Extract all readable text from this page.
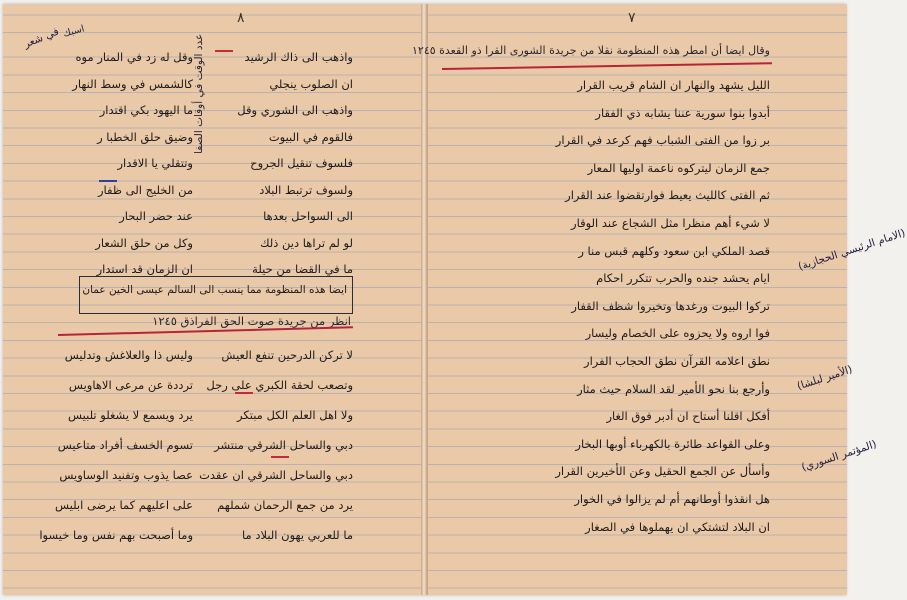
٨
في شعر اسبك
عدد الوقت في أوقات الصفا	واذهب الى ذاك الرشيد
وقل له زد في المنار موه
ان الصلوب ينجلي
كالشمس في وسط النهار
واذهب الى الشوري وقل
ما اليهود بكي اقتدار
فالقوم في البيوت
وضيق حلق الخطبا ر
فلسوف تنقيل الجروح
وتتقلي يا الاقدار
ولسوف ترتبط البلاد
من الخليج الى ظفار
الى السواحل بعدها
عند حضر البحار
لو لم تراها دين ذلك
وكل من حلق الشعار
ما في القضا من حيلة
ان الزمان قد استدار
ايضا هذه المنظومة مما ينسب الى السالم عيسى الخين عمان
انظر من جريدة صوت الحق الفراذق ١٢٤٥
لا تركن الدرحين تنفع العيش
وليس ذا والعلاغش وتدليس
وتصعب لحقة الكبري على رجل
ترددة عن مرعى الاهاويس
ولا اهل العلم الكل مبتكر
يرد ويسمع لا يشغلو تلبيس
دبي والساحل الشرقي منتشر
تسوم الخسف أفراد متاعيس
دبي والساحل الشرقي ان عقدت
عصا يذوب وتفنيد الوساويس
يرد من جمع الرحمان شملهم
على اعليهم كما يرضى ابليس
ما للعربي يهون البلاد ما
وما أصبحت بهم نفس وما خيسوا
٧
وقال ايضا أن امطر هذه المنظومة نقلا من جريدة الشورى القرا ذو القعدة ١٢٤٥
الليل يشهد والنهار ان الشام قريب القرار
أبدوا بنوا سورية عننا يشابه ذي الفقار
بر زوا من الفتى الشباب فهم كرعد في القرار
جمع الزمان ليتركوه ناعمة اوليها المعار
ثم الفتى كالليث يعيط فوارتقضوا عند القرار
لا شيء أهم منظرا مثل الشجاع عند الوقار
قصد الملكي ابن سعود وكلهم قبس منا ر
ايام يحشد جنده والحرب تتكرر احكام
تركوا البيوت ورغدها وتخيروا شظف القفار
فوا اروه ولا يحزوه على الخصام وليسار
نطق اعلامه القرآن نطق الحجاب الفرار
وأرجع بنا نحو الأمير لقد السلام حيث مثار
أفكل اقلنا أستاح ان أدبر فوق الغار
وعلى القواعد طائرة بالكهرباء أوبها البخار
وأسأل عن الجمع الحقيل وعن الأخيرين القرار
هل انقذوا أوطانهم أم لم يزالوا في الخوار
ان البلاد لتشتكي ان يهملوها في الصغار
(الامام الرئيسي الحجازية)
(الأمير لبلشا)
(المؤتمر السوري)
